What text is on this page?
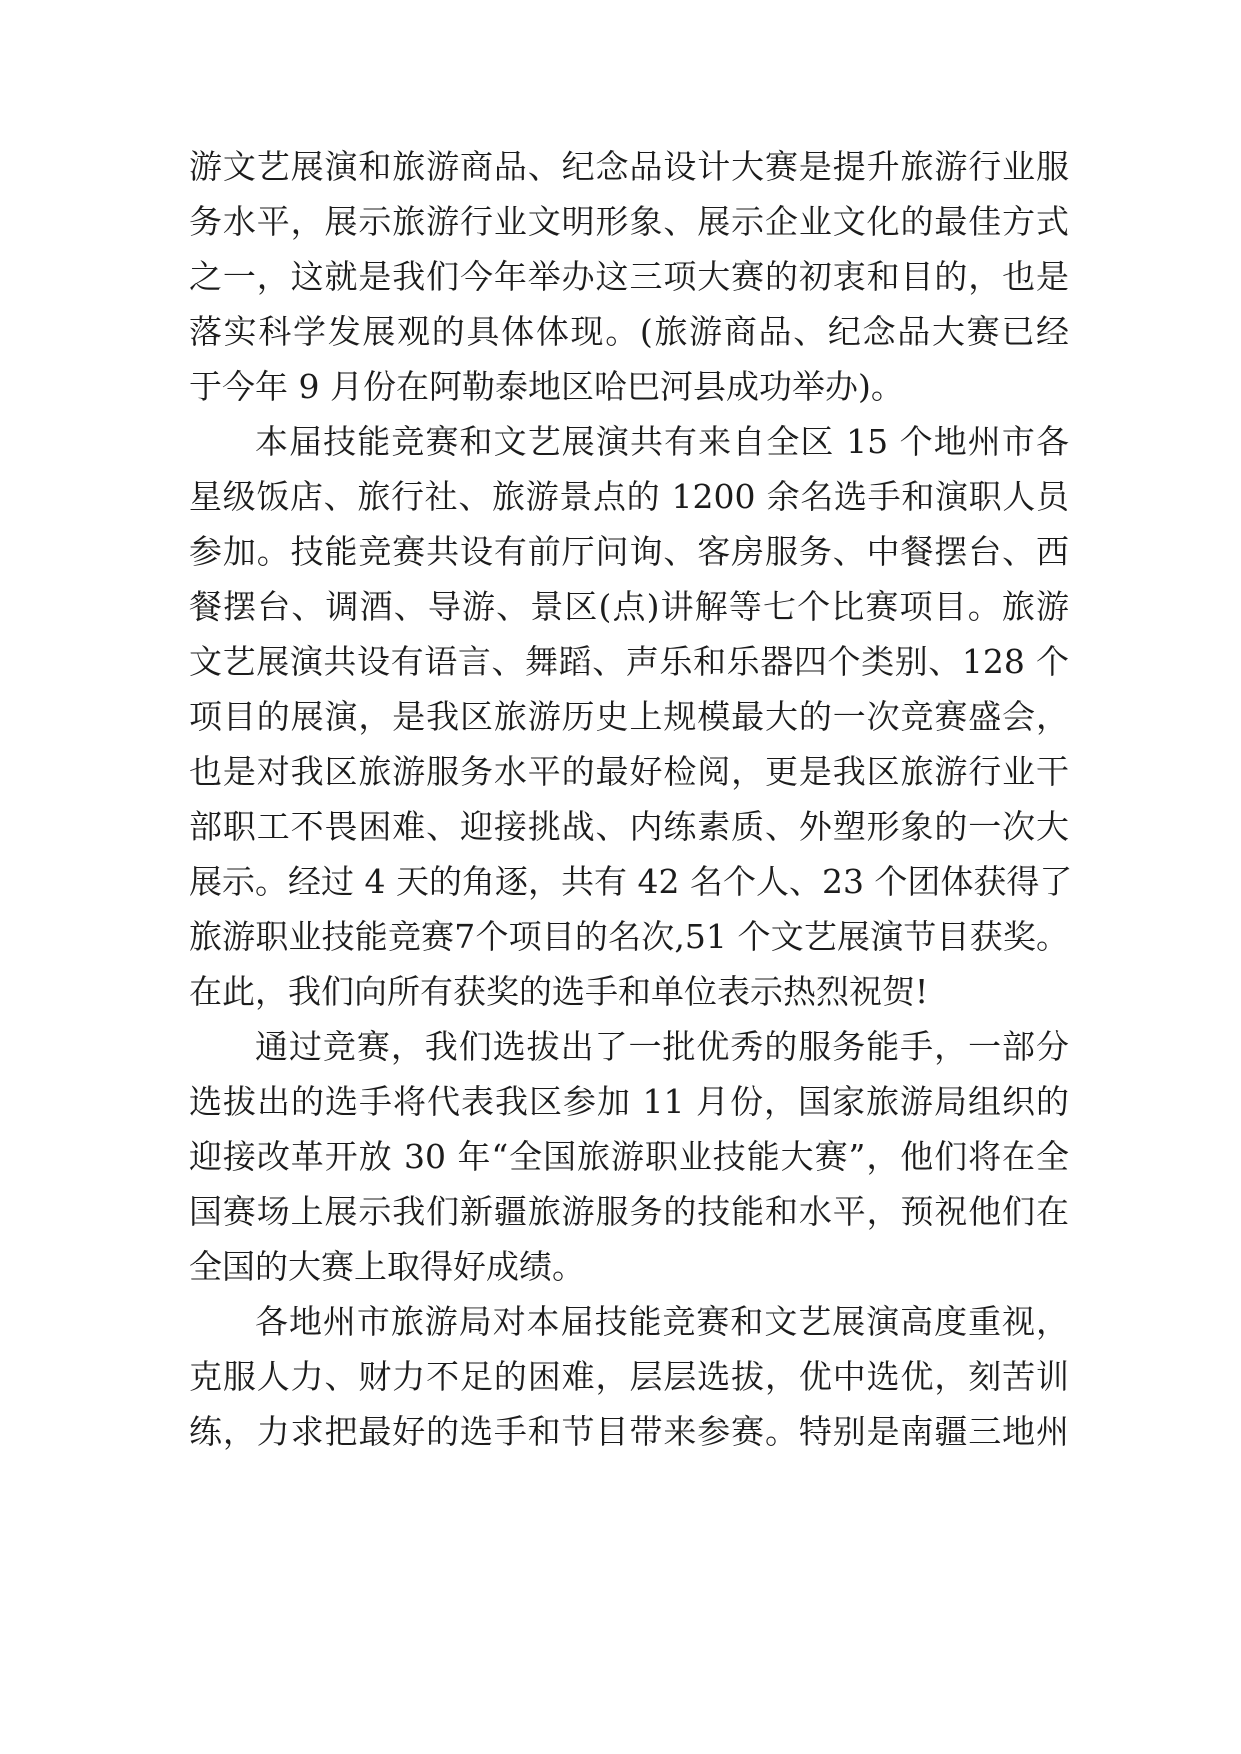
游文艺展演和旅游商品、纪念品设计大赛是提升旅游行业服
务水平，展示旅游行业文明形象、展示企业文化的最佳方式
之一，这就是我们今年举办这三项大赛的初衷和目的，也是
落实科学发展观的具体体现。(旅游商品、纪念品大赛已经
于今年 9 月份在阿勒泰地区哈巴河县成功举办)。
本届技能竞赛和文艺展演共有来自全区 15 个地州市各
星级饭店、旅行社、旅游景点的 1200 余名选手和演职人员
参加。技能竞赛共设有前厅问询、客房服务、中餐摆台、西
餐摆台、调酒、导游、景区(点)讲解等七个比赛项目。旅游
文艺展演共设有语言、舞蹈、声乐和乐器四个类别、128 个
项目的展演，是我区旅游历史上规模最大的一次竞赛盛会，
也是对我区旅游服务水平的最好检阅，更是我区旅游行业干
部职工不畏困难、迎接挑战、内练素质、外塑形象的一次大
展示。经过 4 天的角逐，共有 42 名个人、23 个团体获得了
旅游职业技能竞赛7个项目的名次,51 个文艺展演节目获奖。
在此，我们向所有获奖的选手和单位表示热烈祝贺!
通过竞赛，我们选拔出了一批优秀的服务能手，一部分
选拔出的选手将代表我区参加 11 月份，国家旅游局组织的
迎接改革开放 30 年“全国旅游职业技能大赛”，他们将在全
国赛场上展示我们新疆旅游服务的技能和水平，预祝他们在
全国的大赛上取得好成绩。
各地州市旅游局对本届技能竞赛和文艺展演高度重视，
克服人力、财力不足的困难，层层选拔，优中选优，刻苦训
练，力求把最好的选手和节目带来参赛。特别是南疆三地州
